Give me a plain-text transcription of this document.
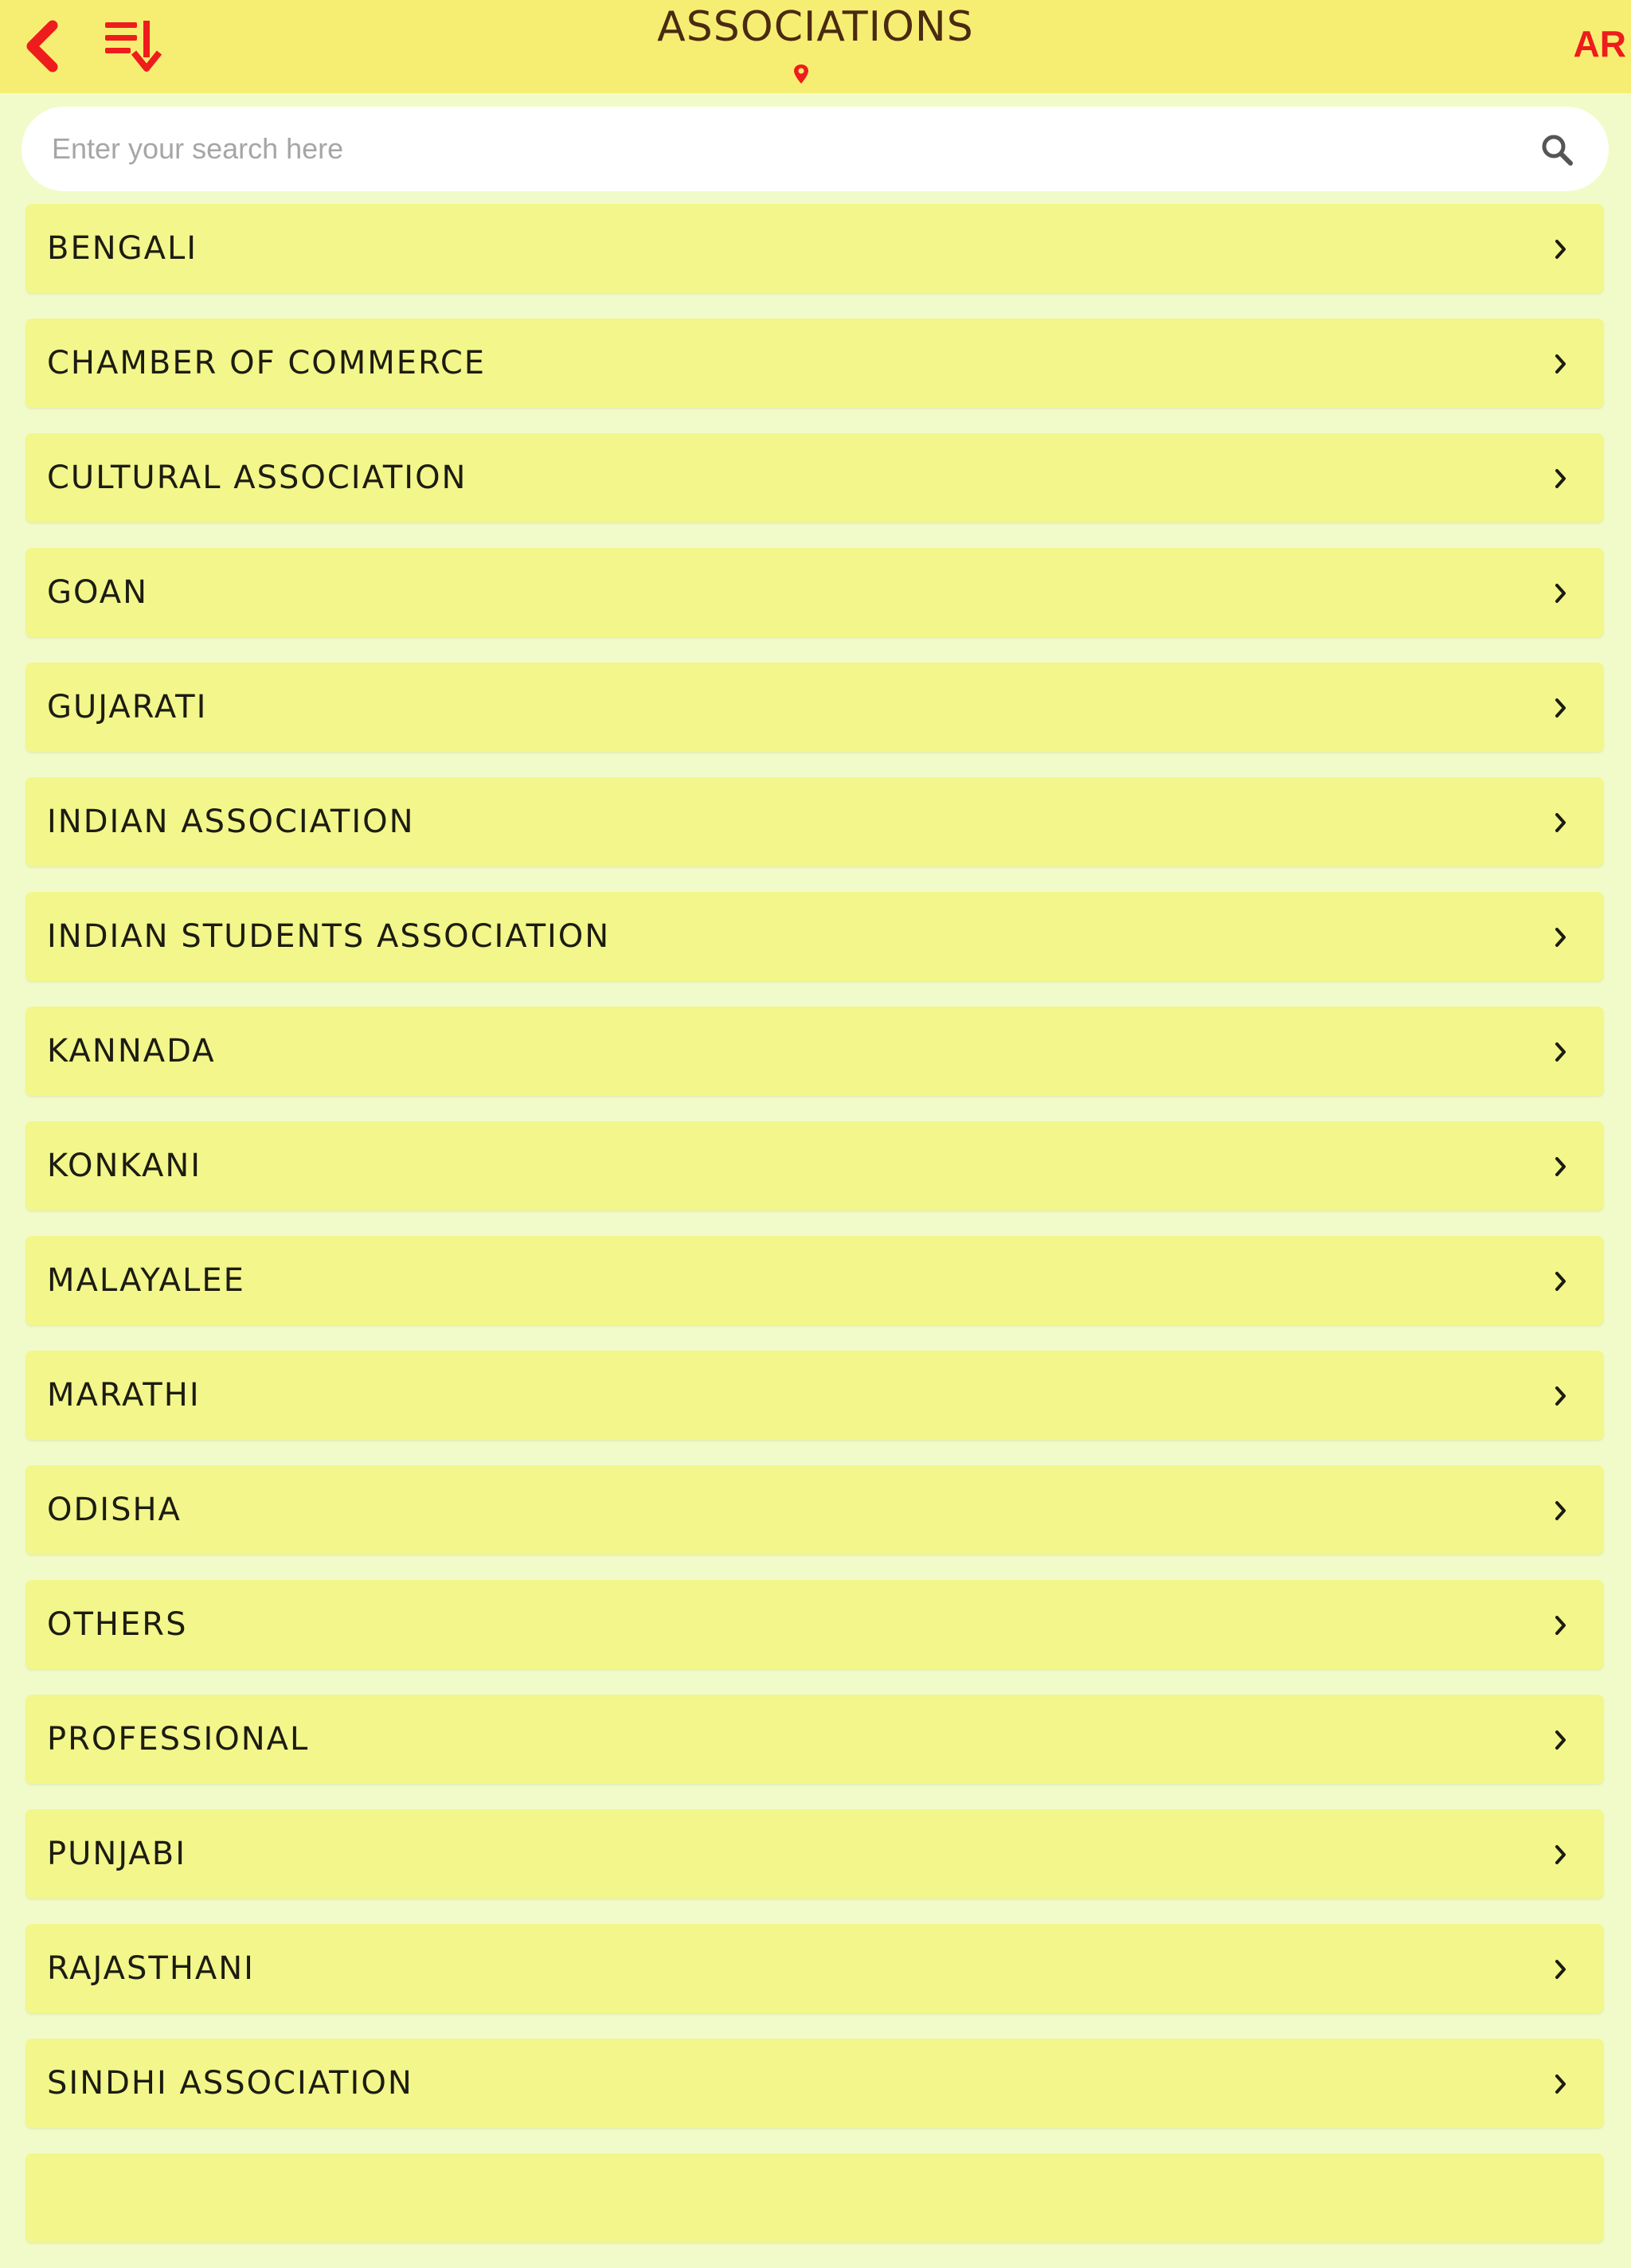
ASSOCIATIONS	AR
Enter your search here
BENGALI
CHAMBER OF COMMERCE
CULTURAL ASSOCIATION
GOAN
GUJARATI
INDIAN ASSOCIATION
INDIAN STUDENTS ASSOCIATION
KANNADA
KONKANI
MALAYALEE
MARATHI
ODISHA
OTHERS
PROFESSIONAL
PUNJABI
RAJASTHANI
SINDHI ASSOCIATION
